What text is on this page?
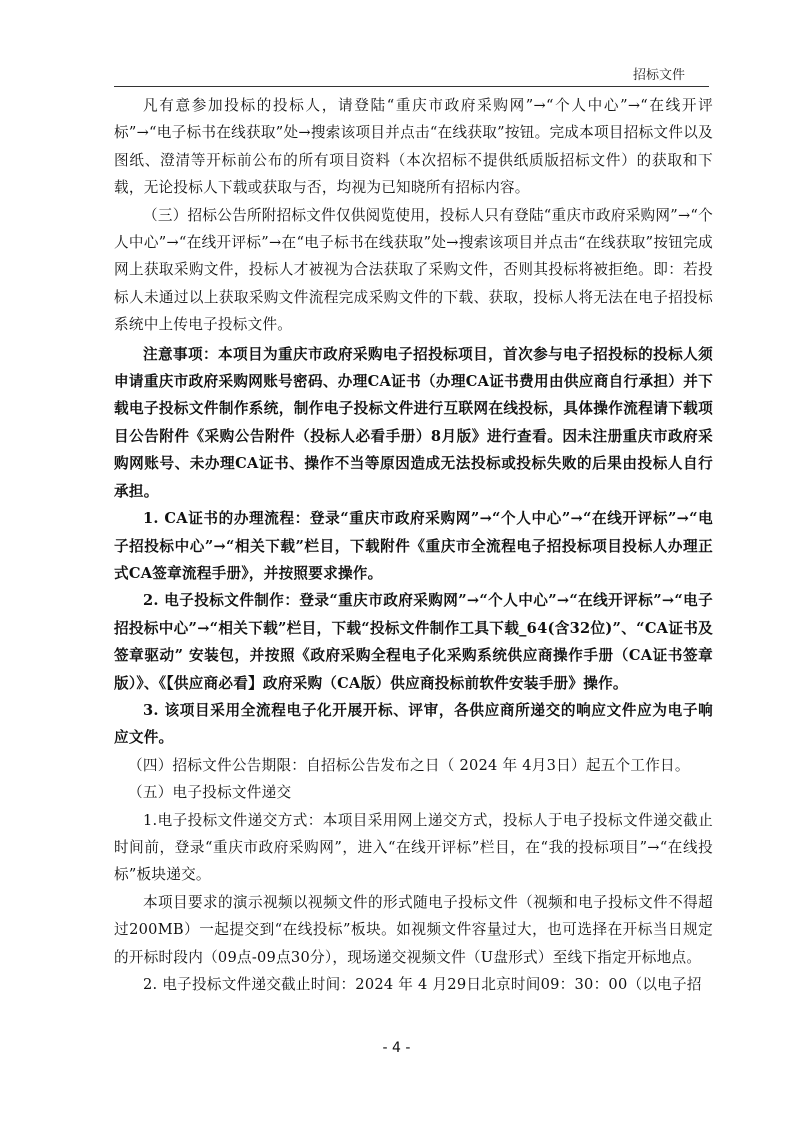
招标文件

凡有意参加投标的投标人，请登陆“重庆市政府采购网”→“个人中心”→“在线开评标”→“电子标书在线获取”处→搜索该项目并点击“在线获取”按钮。完成本项目招标文件以及图纸、澄清等开标前公布的所有项目资料（本次招标不提供纸质版招标文件）的获取和下载，无论投标人下载或获取与否，均视为已知晓所有招标内容。

（三）招标公告所附招标文件仅供阅览使用，投标人只有登陆“重庆市政府采购网”→“个人中心”→“在线开评标”→在“电子标书在线获取”处→搜索该项目并点击“在线获取”按钮完成网上获取采购文件，投标人才被视为合法获取了采购文件，否则其投标将被拒绝。即：若投标人未通过以上获取采购文件流程完成采购文件的下载、获取，投标人将无法在电子招投标系统中上传电子投标文件。

注意事项：本项目为重庆市政府采购电子招投标项目，首次参与电子招投标的投标人须申请重庆市政府采购网账号密码、办理CA证书（办理CA证书费用由供应商自行承担）并下载电子投标文件制作系统，制作电子投标文件进行互联网在线投标，具体操作流程请下载项目公告附件《采购公告附件（投标人必看手册）8月版》进行查看。因未注册重庆市政府采购网账号、未办理CA证书、操作不当等原因造成无法投标或投标失败的后果由投标人自行承担。

1. CA证书的办理流程：登录“重庆市政府采购网”→“个人中心”→“在线开评标”→“电子招投标中心”→“相关下载”栏目，下载附件《重庆市全流程电子招投标项目投标人办理正式CA签章流程手册》，并按照要求操作。

2. 电子投标文件制作：登录“重庆市政府采购网”→“个人中心”→“在线开评标”→“电子招投标中心”→“相关下载”栏目，下载“投标文件制作工具下载_64(含32位)”、“CA证书及签章驱动” 安装包，并按照《政府采购全程电子化采购系统供应商操作手册（CA证书签章版）》、《【供应商必看】政府采购（CA版）供应商投标前软件安装手册》操作。

3. 该项目采用全流程电子化开展开标、评审，各供应商所递交的响应文件应为电子响应文件。

（四）招标文件公告期限：自招标公告发布之日（ 2024 年 4月3日）起五个工作日。

（五）电子投标文件递交

1.电子投标文件递交方式：本项目采用网上递交方式，投标人于电子投标文件递交截止时间前，登录“重庆市政府采购网”，进入“在线开评标”栏目，在“我的投标项目”→“在线投标”板块递交。

本项目要求的演示视频以视频文件的形式随电子投标文件（视频和电子投标文件不得超过200MB）一起提交到“在线投标”板块。如视频文件容量过大，也可选择在开标当日规定的开标时段内（09点-09点30分），现场递交视频文件（U盘形式）至线下指定开标地点。

2. 电子投标文件递交截止时间：2024 年 4 月29日北京时间09：30：00（以电子招

- 4 -
